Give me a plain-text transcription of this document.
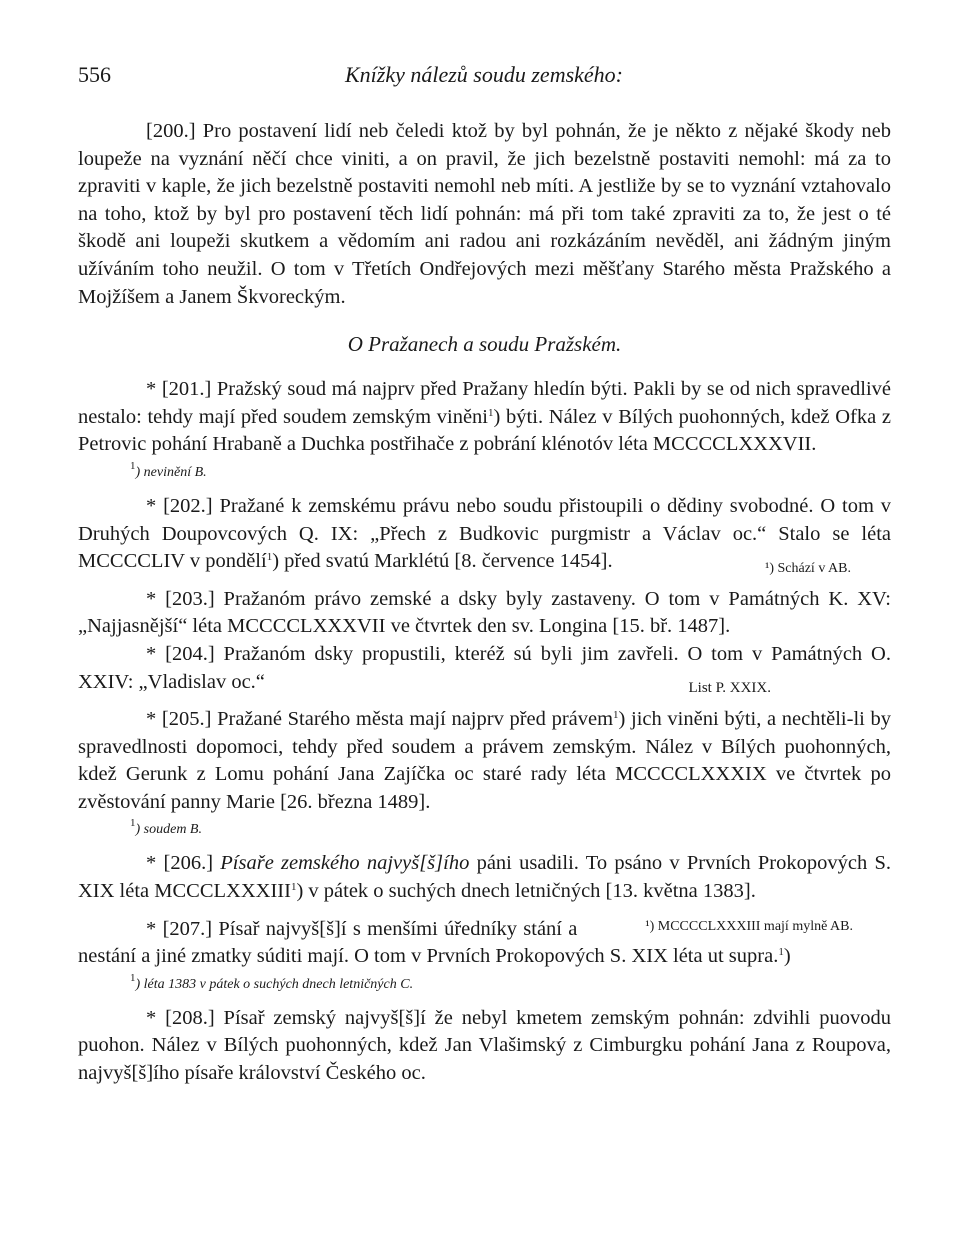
556	Knížky nálezů soudu zemského:

[200.] Pro postavení lidí neb čeledi ktož by byl pohnán, že je někto z nějaké škody neb loupeže na vyznání něčí chce viniti, a on pravil, že jich bezelstně postaviti nemohl: má za to zpraviti v kaple, že jich bezelstně postaviti nemohl neb míti. A jestliže by se to vyznání vztahovalo na toho, ktož by byl pro postavení těch lidí pohnán: má při tom také zpraviti za to, že jest o té škodě ani loupeži skutkem a vědomím ani radou ani rozkázáním nevěděl, ani žádným jiným užíváním toho neužil. O tom v Třetích Ondřejových mezi měšťany Starého města Pražského a Mojžíšem a Janem Škvoreckým.

O Pražanech a soudu Pražském.

* [201.] Pražský soud má najprv před Pražany hledín býti. Pakli by se od nich spravedlivé nestalo: tehdy mají před soudem zemským viněni$^1$) býti. Nález v Bílých puohonných, kdež Ofka z Petrovic pohání Hrabaně a Duchka postřihače z pobrání klénotóv léta MCCCCLXXXVII.

$^1$) nevinění B.

* [202.] Pražané k zemskému právu nebo soudu přistoupili o dědiny svobodné. O tom v Druhých Doupovcových Q. IX: „Přech z Budkovic purgmistr a Václav oc.“ Stalo se léta MCCCCLIV v pondělí$^1$) před svatú Marklétú [8. července 1454].	¹) Schází v AB.

* [203.] Pražanóm právo zemské a dsky byly zastaveny. O tom v Památných K. XV: „Najjasnější“ léta MCCCCLXXXVII ve čtvrtek den sv. Longina [15. bř. 1487].

* [204.] Pražanóm dsky propustili, kteréž sú byli jim zavřeli. O tom v Památných O. XXIV: „Vladislav oc.“	List P. XXIX.

* [205.] Pražané Starého města mají najprv před právem$^1$) jich viněni býti, a nechtěli-li by spravedlnosti dopomoci, tehdy před soudem a právem zemským. Nález v Bílých puohonných, kdež Gerunk z Lomu pohání Jana Zajíčka oc staré rady léta MCCCCLXXXIX ve čtvrtek po zvěstování panny Marie [26. března 1489].

$^1$) soudem B.

* [206.] Písaře zemského najvyš[š]ího páni usadili. To psáno v Prvních Prokopových S. XIX léta MCCCLXXXIII$^1$) v pátek o suchých dnech letničných [13. května 1383].
¹) MCCCCLXXXIII mají mylně AB.

* [207.] Písař najvyš[š]í s menšími úředníky stání a nestání a jiné zmatky súditi mají. O tom v Prvních Prokopových S. XIX léta ut supra.$^1$)

$^1$) léta 1383 v pátek o suchých dnech letničných C.

* [208.] Písař zemský najvyš[š]í že nebyl kmetem zemským pohnán: zdvihli puovodu puohon. Nález v Bílých puohonných, kdež Jan Vlašimský z Cimburgku pohání Jana z Roupova, najvyš[š]ího písaře království Českého oc.
